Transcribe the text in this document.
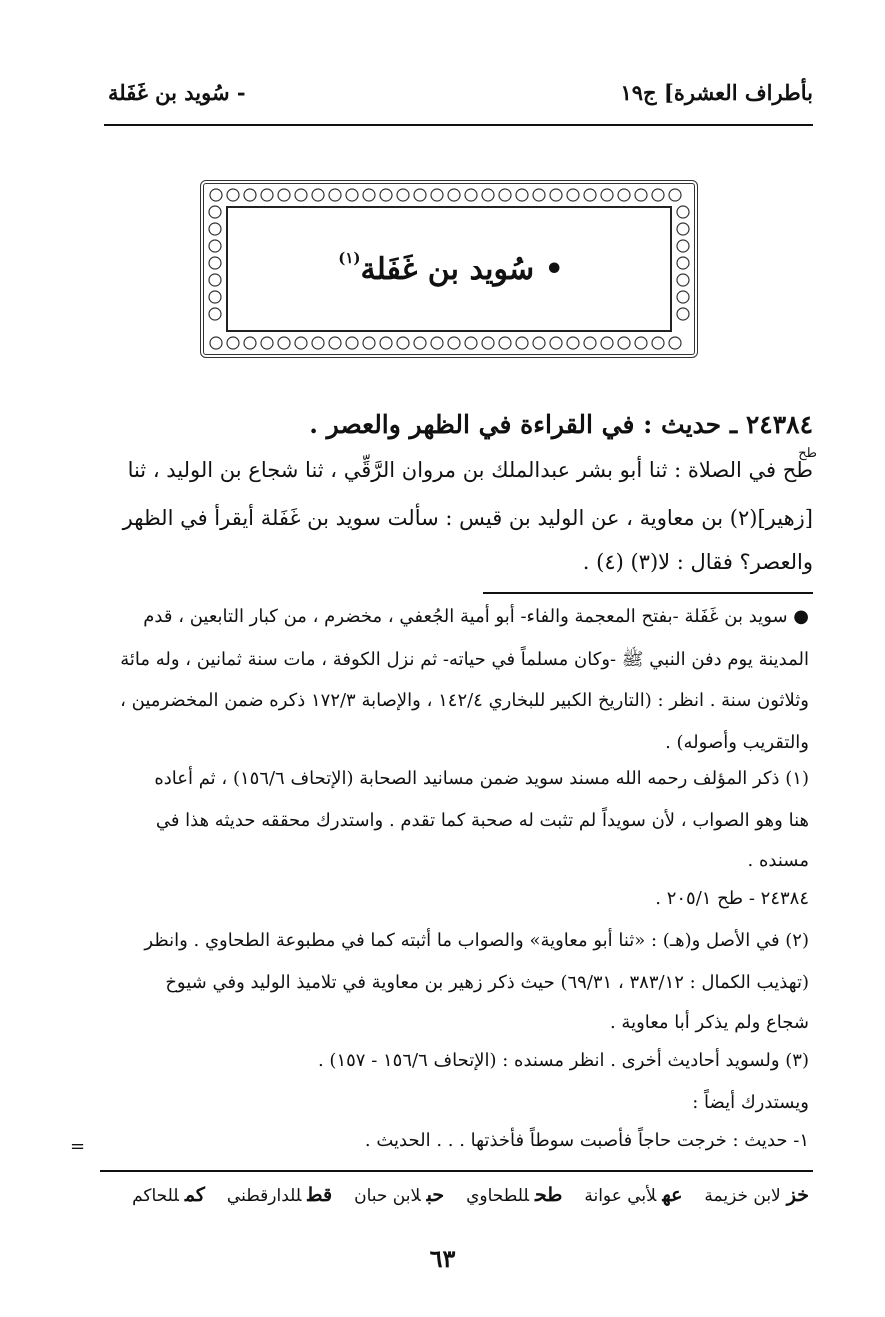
بأطراف العشرة] ج١٩
- سُويد بن غَفَلة
• سُويد بن غَفَلة$^{(١)}$
٢٤٣٨٤ ـ حديث : في القراءة في الظهر والعصر .
طح
طح في الصلاة : ثنا أبو بشر عبدالملك بن مروان الرَّقِّي ، ثنا شجاع بن الوليد ، ثنا
[زهير](٢) بن معاوية ، عن الوليد بن قيس : سألت سويد بن غَفَلة أيقرأ في الظهر
والعصر؟ فقال : لا(٣) (٤) .
● سويد بن غَفَلة -بفتح المعجمة والفاء- أبو أمية الجُعفي ، مخضرم ، من كبار التابعين ، قدم
المدينة يوم دفن النبي ﷺ -وكان مسلماً في حياته- ثم نزل الكوفة ، مات سنة ثمانين ، وله مائة
وثلاثون سنة . انظر : (التاريخ الكبير للبخاري ١٤٢/٤ ، والإصابة ١٧٢/٣ ذكره ضمن المخضرمين ،
والتقريب وأصوله) .
(١) ذكر المؤلف رحمه الله مسند سويد ضمن مسانيد الصحابة (الإتحاف ١٥٦/٦) ، ثم أعاده
هنا وهو الصواب ، لأن سويداً لم تثبت له صحبة كما تقدم . واستدرك محققه حديثه هذا في
مسنده .
٢٤٣٨٤ - طح ٢٠٥/١ .
(٢) في الأصل و(هـ) : «ثنا أبو معاوية» والصواب ما أثبته كما في مطبوعة الطحاوي . وانظر
(تهذيب الكمال : ٣٨٣/١٢ ، ٦٩/٣١) حيث ذكر زهير بن معاوية في تلاميذ الوليد وفي شيوخ
شجاع ولم يذكر أبا معاوية .
(٣) ولسويد أحاديث أخرى . انظر مسنده : (الإتحاف ١٥٦/٦ - ١٥٧) .
ويستدرك أيضاً :
١- حديث : خرجت حاجاً فأصبت سوطاً فأخذتها . . . الحديث .
=
خزلابن خزيمة
عهلأبي عوانة
طحللطحاوي
حبلابن حبان
قطللدارقطني
كمللحاكم
٦٣
